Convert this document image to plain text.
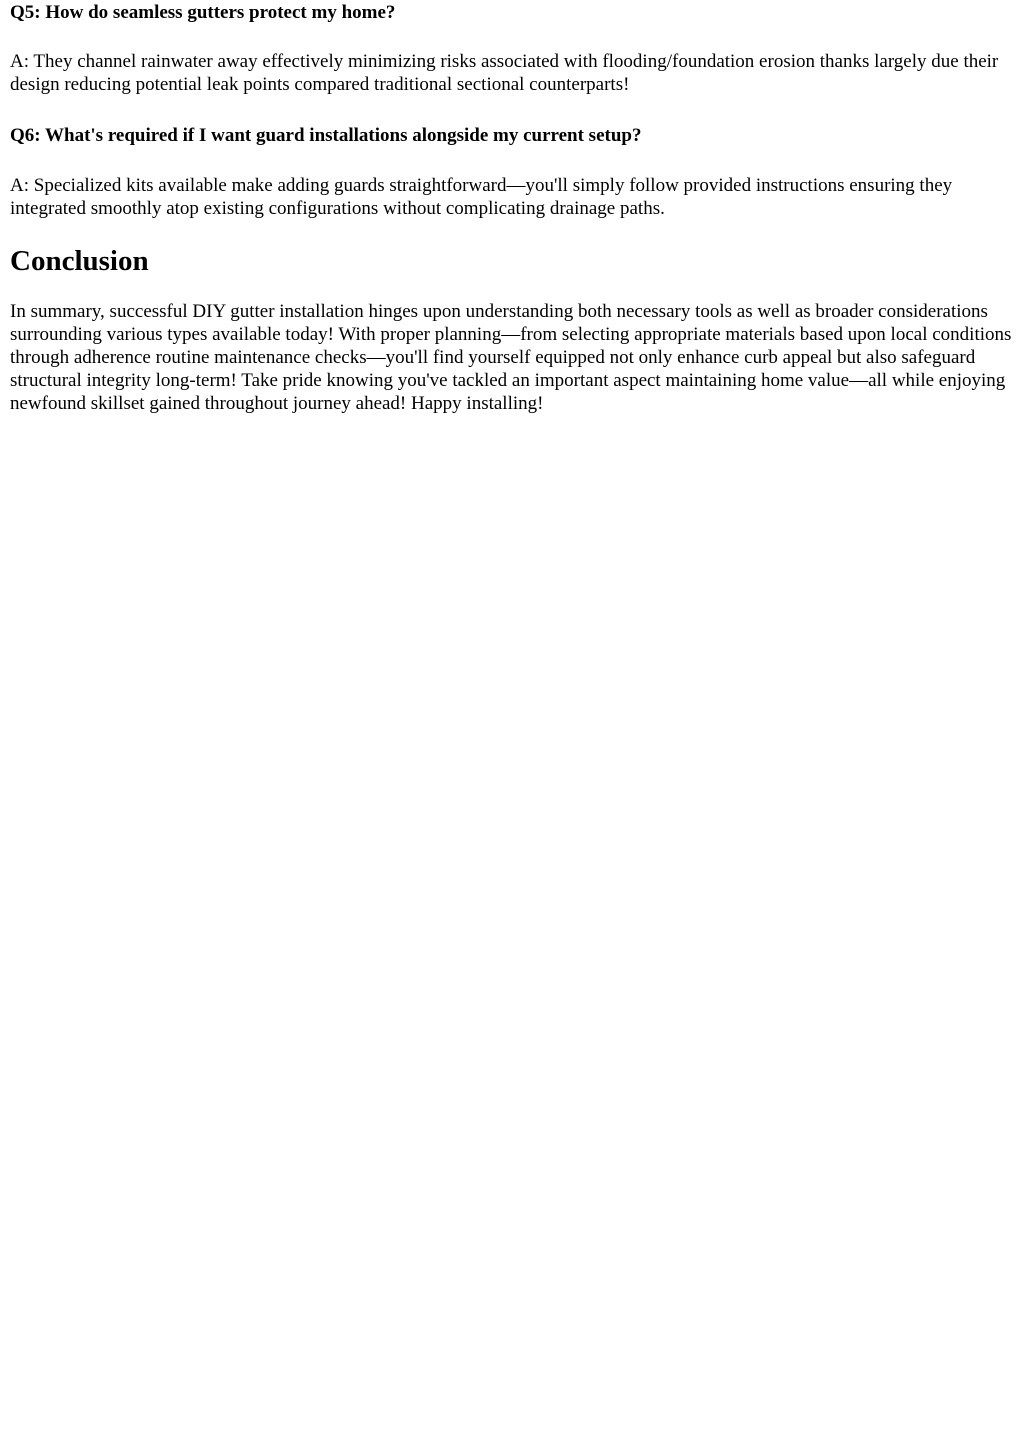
Q5: How do seamless gutters protect my home?

A: They channel rainwater away effectively minimizing risks associated with flooding/foundation erosion thanks largely due their design reducing potential leak points compared traditional sectional counterparts!

Q6: What's required if I want guard installations alongside my current setup?

A: Specialized kits available make adding guards straightforward—you'll simply follow provided instructions ensuring they integrated smoothly atop existing configurations without complicating drainage paths.

Conclusion

In summary, successful DIY gutter installation hinges upon understanding both necessary tools as well as broader considerations surrounding various types available today! With proper planning—from selecting appropriate materials based upon local conditions through adherence routine maintenance checks—you'll find yourself equipped not only enhance curb appeal but also safeguard structural integrity long-term! Take pride knowing you've tackled an important aspect maintaining home value—all while enjoying newfound skillset gained throughout journey ahead! Happy installing!
